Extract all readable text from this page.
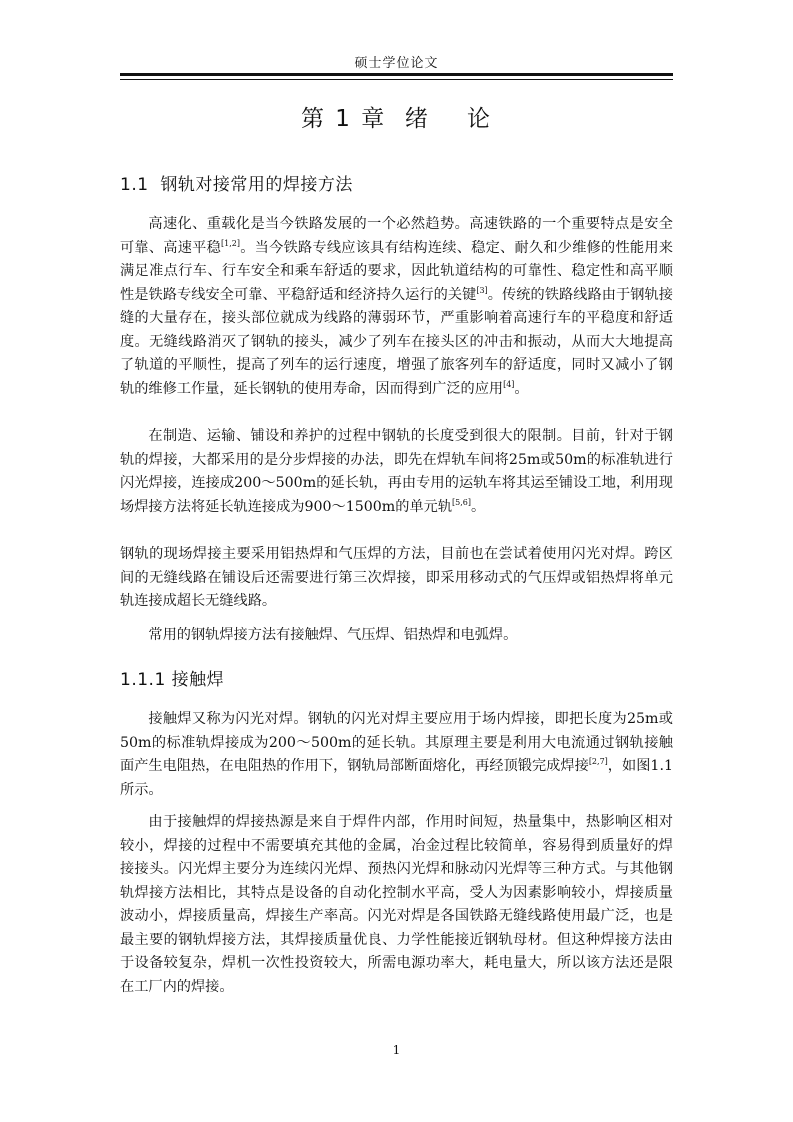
硕士学位论文
第 1 章  绪    论
1.1  钢轨对接常用的焊接方法

高速化、重载化是当今铁路发展的一个必然趋势。高速铁路的一个重要特点是安全可靠、高速平稳[1,2]。当今铁路专线应该具有结构连续、稳定、耐久和少维修的性能用来满足准点行车、行车安全和乘车舒适的要求，因此轨道结构的可靠性、稳定性和高平顺性是铁路专线安全可靠、平稳舒适和经济持久运行的关键[3]。传统的铁路线路由于钢轨接缝的大量存在，接头部位就成为线路的薄弱环节，严重影响着高速行车的平稳度和舒适度。无缝线路消灭了钢轨的接头，减少了列车在接头区的冲击和振动，从而大大地提高了轨道的平顺性，提高了列车的运行速度，增强了旅客列车的舒适度，同时又减小了钢轨的维修工作量，延长钢轨的使用寿命，因而得到广泛的应用[4]。

在制造、运输、铺设和养护的过程中钢轨的长度受到很大的限制。目前，针对于钢轨的焊接，大都采用的是分步焊接的办法，即先在焊轨车间将25m或50m的标准轨进行闪光焊接，连接成200～500m的延长轨，再由专用的运轨车将其运至铺设工地，利用现场焊接方法将延长轨连接成为900～1500m的单元轨[5,6]。

钢轨的现场焊接主要采用铝热焊和气压焊的方法，目前也在尝试着使用闪光对焊。跨区间的无缝线路在铺设后还需要进行第三次焊接，即采用移动式的气压焊或铝热焊将单元轨连接成超长无缝线路。

常用的钢轨焊接方法有接触焊、气压焊、铝热焊和电弧焊。

1.1.1 接触焊

接触焊又称为闪光对焊。钢轨的闪光对焊主要应用于场内焊接，即把长度为25m或50m的标准轨焊接成为200～500m的延长轨。其原理主要是利用大电流通过钢轨接触面产生电阻热，在电阻热的作用下，钢轨局部断面熔化，再经顶锻完成焊接[2,7]，如图1.1所示。

由于接触焊的焊接热源是来自于焊件内部，作用时间短，热量集中，热影响区相对较小，焊接的过程中不需要填充其他的金属，冶金过程比较简单，容易得到质量好的焊接接头。闪光焊主要分为连续闪光焊、预热闪光焊和脉动闪光焊等三种方式。与其他钢轨焊接方法相比，其特点是设备的自动化控制水平高，受人为因素影响较小，焊接质量波动小，焊接质量高，焊接生产率高。闪光对焊是各国铁路无缝线路使用最广泛，也是最主要的钢轨焊接方法，其焊接质量优良、力学性能接近钢轨母材。但这种焊接方法由于设备较复杂，焊机一次性投资较大，所需电源功率大，耗电量大，所以该方法还是限在工厂内的焊接。

1
